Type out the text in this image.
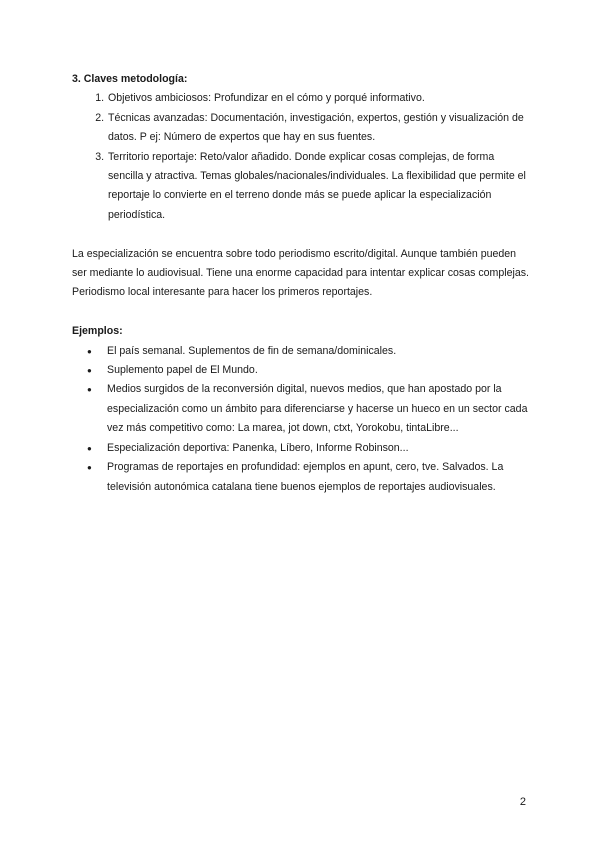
3. Claves metodología:

1. Objetivos ambiciosos: Profundizar en el cómo y porqué informativo.
2. Técnicas avanzadas: Documentación, investigación, expertos, gestión y visualización de datos. P ej: Número de expertos que hay en sus fuentes.
3. Territorio reportaje: Reto/valor añadido. Donde explicar cosas complejas, de forma sencilla y atractiva. Temas globales/nacionales/individuales. La flexibilidad que permite el reportaje lo convierte en el terreno donde más se puede aplicar la especialización periodística.

La especialización se encuentra sobre todo periodismo escrito/digital. Aunque también pueden ser mediante lo audiovisual. Tiene una enorme capacidad para intentar explicar cosas complejas. Periodismo local interesante para hacer los primeros reportajes.

Ejemplos:

● El país semanal. Suplementos de fin de semana/dominicales.
● Suplemento papel de El Mundo.
● Medios surgidos de la reconversión digital, nuevos medios, que han apostado por la especialización como un ámbito para diferenciarse y hacerse un hueco en un sector cada vez más competitivo como: La marea, jot down, ctxt, Yorokobu, tintaLibre...
● Especialización deportiva: Panenka, Líbero, Informe Robinson...
● Programas de reportajes en profundidad: ejemplos en apunt, cero, tve. Salvados. La televisión autonómica catalana tiene buenos ejemplos de reportajes audiovisuales.
2
